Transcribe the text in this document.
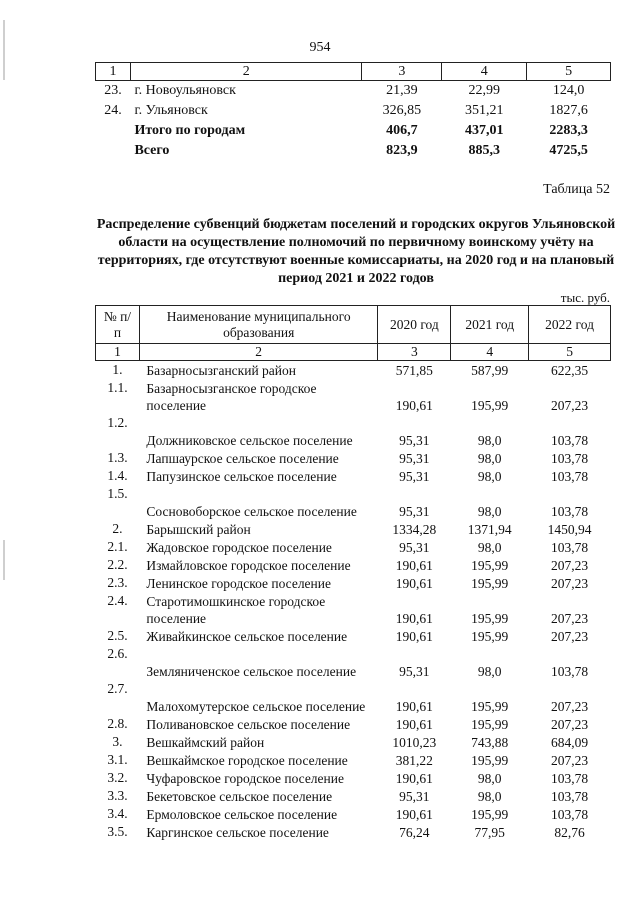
954
1	2	3	4	5
23.	г. Новоульяновск	21,39	22,99	124,0
24.	г. Ульяновск	326,85	351,21	1827,6
	Итого по городам	406,7	437,01	2283,3
	Всего	823,9	885,3	4725,5
Таблица 52
Распределение субвенций бюджетам поселений и городских округов Ульяновской области на осуществление полномочий по первичному воинскому учёту на территориях, где отсутствуют военные комиссариаты, на 2020 год и на плановый период 2021 и 2022 годов
тыс. руб.
№ п/п	Наименование муниципального образования	2020 год	2021 год	2022 год
1	2	3	4	5
1.	Базарносызганский район	571,85	587,99	622,35
1.1.	Базарносызганское городское поселение	190,61	195,99	207,23
1.2.	Должниковское сельское поселение	95,31	98,0	103,78
1.3.	Лапшаурское сельское поселение	95,31	98,0	103,78
1.4.	Папузинское сельское поселение	95,31	98,0	103,78
1.5.	Сосновоборское сельское поселение	95,31	98,0	103,78
2.	Барышский район	1334,28	1371,94	1450,94
2.1.	Жадовское городское поселение	95,31	98,0	103,78
2.2.	Измайловское городское поселение	190,61	195,99	207,23
2.3.	Ленинское городское поселение	190,61	195,99	207,23
2.4.	Старотимошкинское городское поселение	190,61	195,99	207,23
2.5.	Живайкинское сельское поселение	190,61	195,99	207,23
2.6.	Земляниченское сельское поселение	95,31	98,0	103,78
2.7.	Малохомутерское сельское поселение	190,61	195,99	207,23
2.8.	Поливановское сельское поселение	190,61	195,99	207,23
3.	Вешкаймский район	1010,23	743,88	684,09
3.1.	Вешкаймское городское поселение	381,22	195,99	207,23
3.2.	Чуфаровское городское поселение	190,61	98,0	103,78
3.3.	Бекетовское сельское поселение	95,31	98,0	103,78
3.4.	Ермоловское сельское поселение	190,61	195,99	103,78
3.5.	Каргинское сельское поселение	76,24	77,95	82,76
